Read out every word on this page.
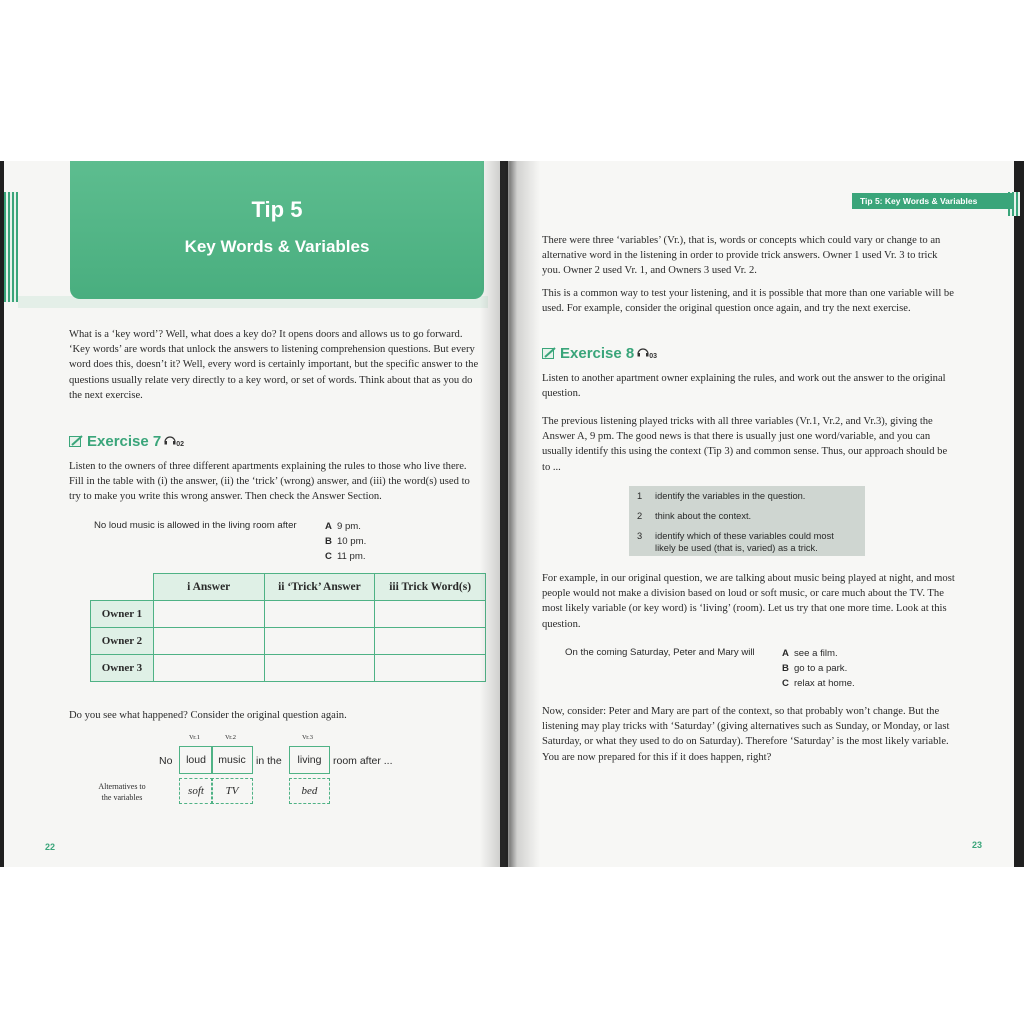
Tip 5
Key Words & Variables
What is a ‘key word’? Well, what does a key do? It opens doors and allows us to go forward.
‘Key words’ are words that unlock the answers to listening comprehension questions. But every
word does this, doesn’t it? Well, every word is certainly important, but the specific answer to the
questions usually relate very directly to a key word, or set of words. Think about that as you do
the next exercise.
Exercise 7 02
Listen to the owners of three different apartments explaining the rules to those who live there.
Fill in the table with (i) the answer, (ii) the ‘trick’ (wrong) answer, and (iii) the word(s) used to
try to make you write this wrong answer. Then check the Answer Section.
No loud music is allowed in the living room after	A 9 pm.
B 10 pm.
C 11 pm.
	i Answer	ii ‘Trick’ Answer	iii Trick Word(s)
Owner 1			
Owner 2			
Owner 3			
Do you see what happened? Consider the original question again.
Vr.1	Vr.2	Vr.3
No	loud	music in the	living	room after ...
Alternatives to
the variables
soft	TV	bed
22
Tip 5: Key Words & Variables
There were three ‘variables’ (Vr.), that is, words or concepts which could vary or change to an
alternative word in the listening in order to provide trick answers. Owner 1 used Vr. 3 to trick
you. Owner 2 used Vr. 1, and Owners 3 used Vr. 2.
This is a common way to test your listening, and it is possible that more than one variable will be
used. For example, consider the original question once again, and try the next exercise.
Exercise 8 03
Listen to another apartment owner explaining the rules, and work out the answer to the original
question.
The previous listening played tricks with all three variables (Vr.1, Vr.2, and Vr.3), giving the
Answer A, 9 pm. The good news is that there is usually just one word/variable, and you can
usually identify this using the context (Tip 3) and common sense. Thus, our approach should be
to ...
1 identify the variables in the question.
2 think about the context.
3 identify which of these variables could most
likely be used (that is, varied) as a trick.
For example, in our original question, we are talking about music being played at night, and most
people would not make a division based on loud or soft music, or care much about the TV. The
most likely variable (or key word) is ‘living’ (room). Let us try that one more time. Look at this
question.
On the coming Saturday, Peter and Mary will	A see a film.
B go to a park.
C relax at home.
Now, consider: Peter and Mary are part of the context, so that probably won’t change. But the
listening may play tricks with ‘Saturday’ (giving alternatives such as Sunday, or Monday, or last
Saturday, or what they used to do on Saturday). Therefore ‘Saturday’ is the most likely variable.
You are now prepared for this if it does happen, right?
23
